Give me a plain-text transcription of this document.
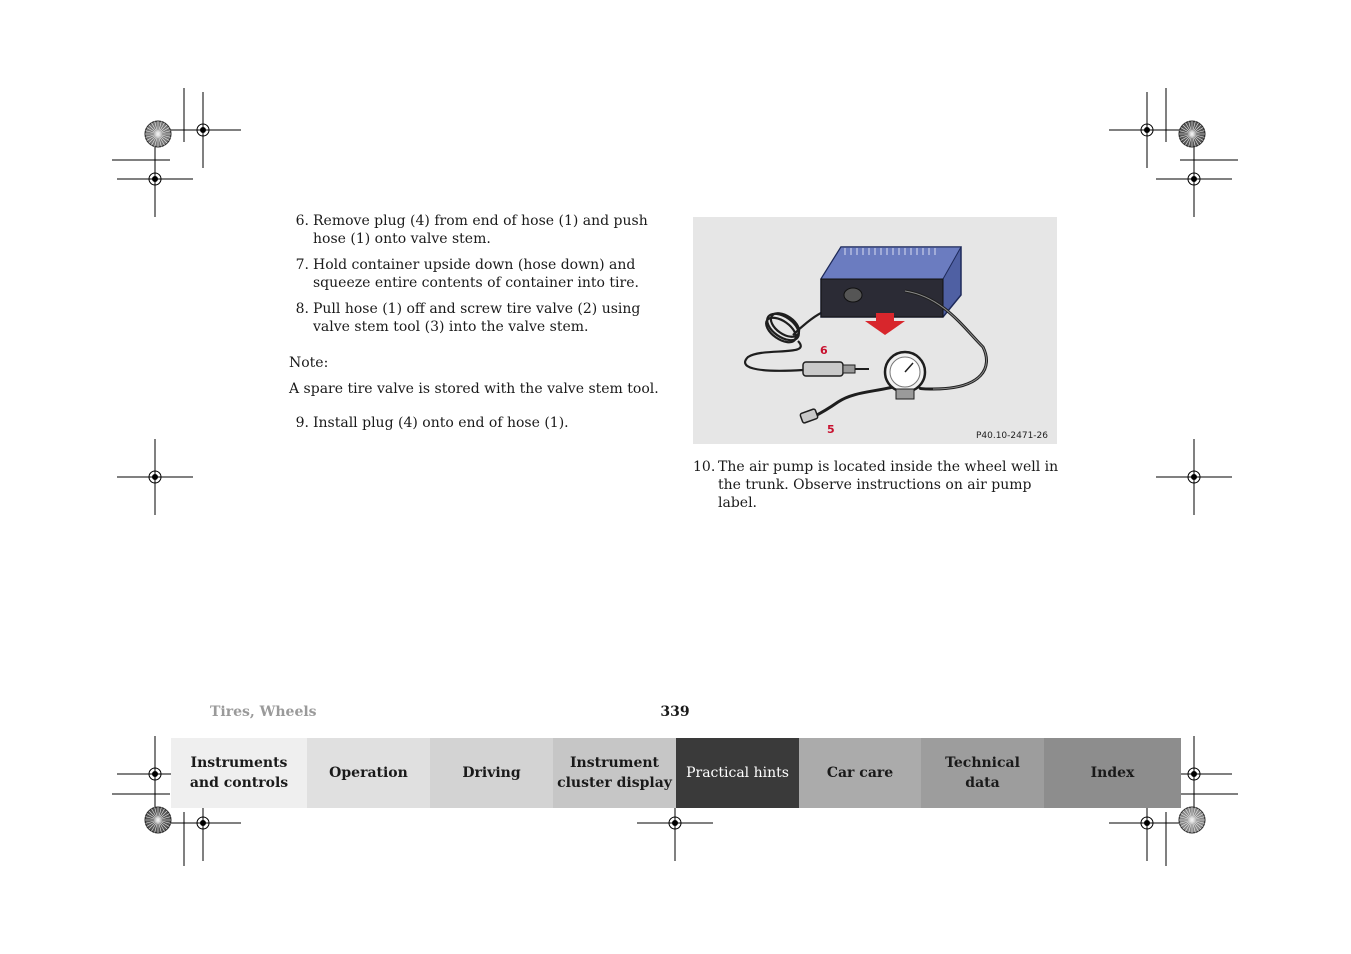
6. Remove plug (4) from end of hose (1) and push hose (1) onto valve stem.
7. Hold container upside down (hose down) and squeeze entire contents of container into tire.
8. Pull hose (1) off and screw tire valve (2) using valve stem tool (3) into the valve stem.
Note:
A spare tire valve is stored with the valve stem tool.
9. Install plug (4) onto end of hose (1).
6
5	P40.10-2471-26
10. The air pump is located inside the wheel well in the trunk. Observe instructions on air pump label.
Tires, Wheels	339
Instruments
and controls
Operation	Driving
Instrument
cluster display
Practical hints	Car care
Technical
data
Index
